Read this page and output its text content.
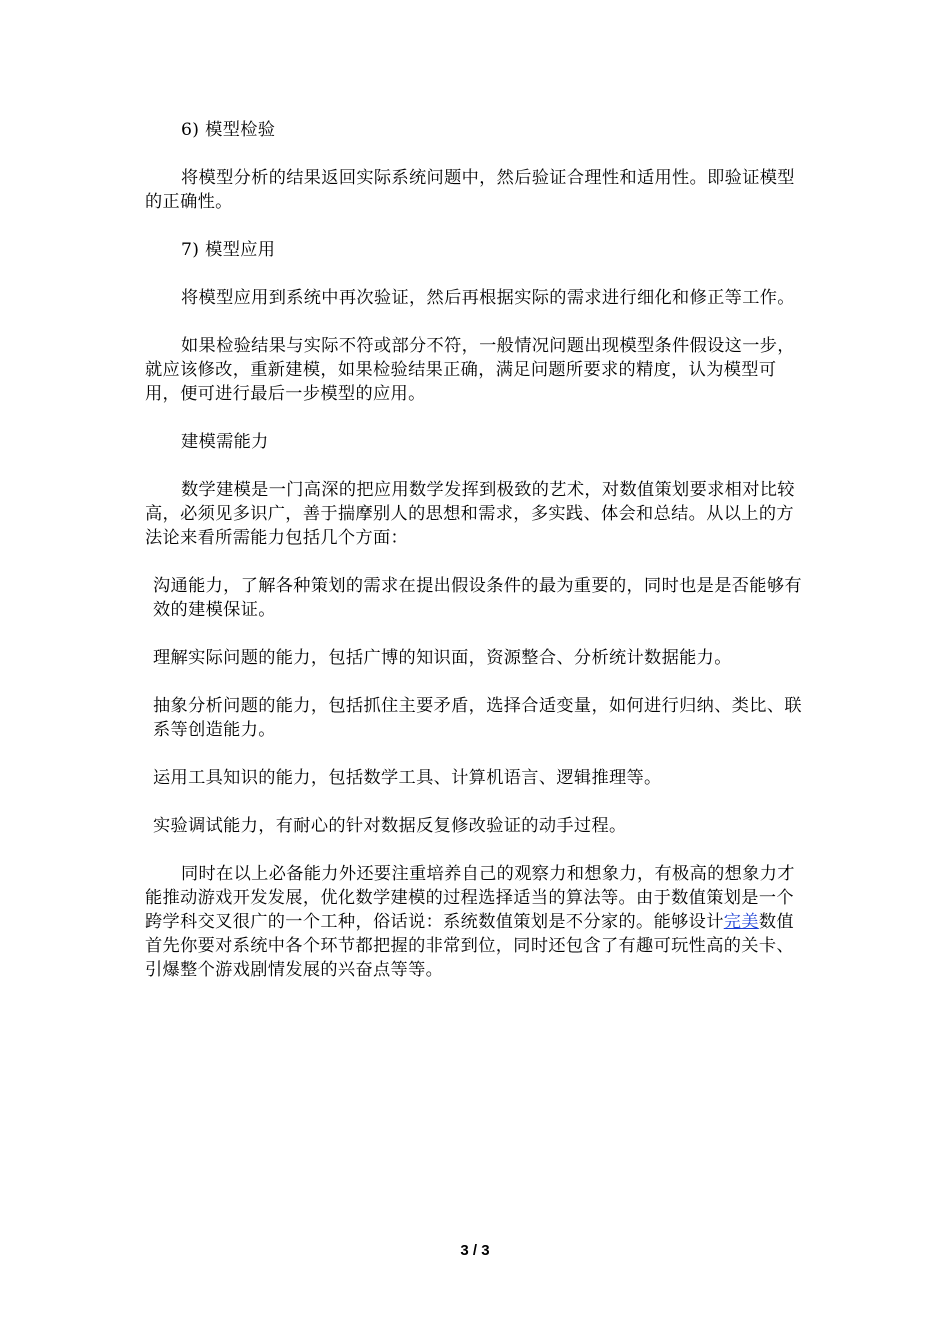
6) 模型检验

将模型分析的结果返回实际系统问题中，然后验证合理性和适用性。即验证模型的正确性。

7) 模型应用

将模型应用到系统中再次验证，然后再根据实际的需求进行细化和修正等工作。

如果检验结果与实际不符或部分不符，一般情况问题出现模型条件假设这一步，就应该修改，重新建模，如果检验结果正确，满足问题所要求的精度，认为模型可用，便可进行最后一步模型的应用。

建模需能力

数学建模是一门高深的把应用数学发挥到极致的艺术，对数值策划要求相对比较高，必须见多识广，善于揣摩别人的思想和需求，多实践、体会和总结。从以上的方法论来看所需能力包括几个方面：

沟通能力，了解各种策划的需求在提出假设条件的最为重要的，同时也是是否能够有效的建模保证。

理解实际问题的能力，包括广博的知识面，资源整合、分析统计数据能力。

抽象分析问题的能力，包括抓住主要矛盾，选择合适变量，如何进行归纳、类比、联系等创造能力。

运用工具知识的能力，包括数学工具、计算机语言、逻辑推理等。

实验调试能力，有耐心的针对数据反复修改验证的动手过程。

同时在以上必备能力外还要注重培养自己的观察力和想象力，有极高的想象力才能推动游戏开发发展，优化数学建模的过程选择适当的算法等。由于数值策划是一个跨学科交叉很广的一个工种，俗话说：系统数值策划是不分家的。能够设计完美数值首先你要对系统中各个环节都把握的非常到位，同时还包含了有趣可玩性高的关卡、引爆整个游戏剧情发展的兴奋点等等。

3 / 3
